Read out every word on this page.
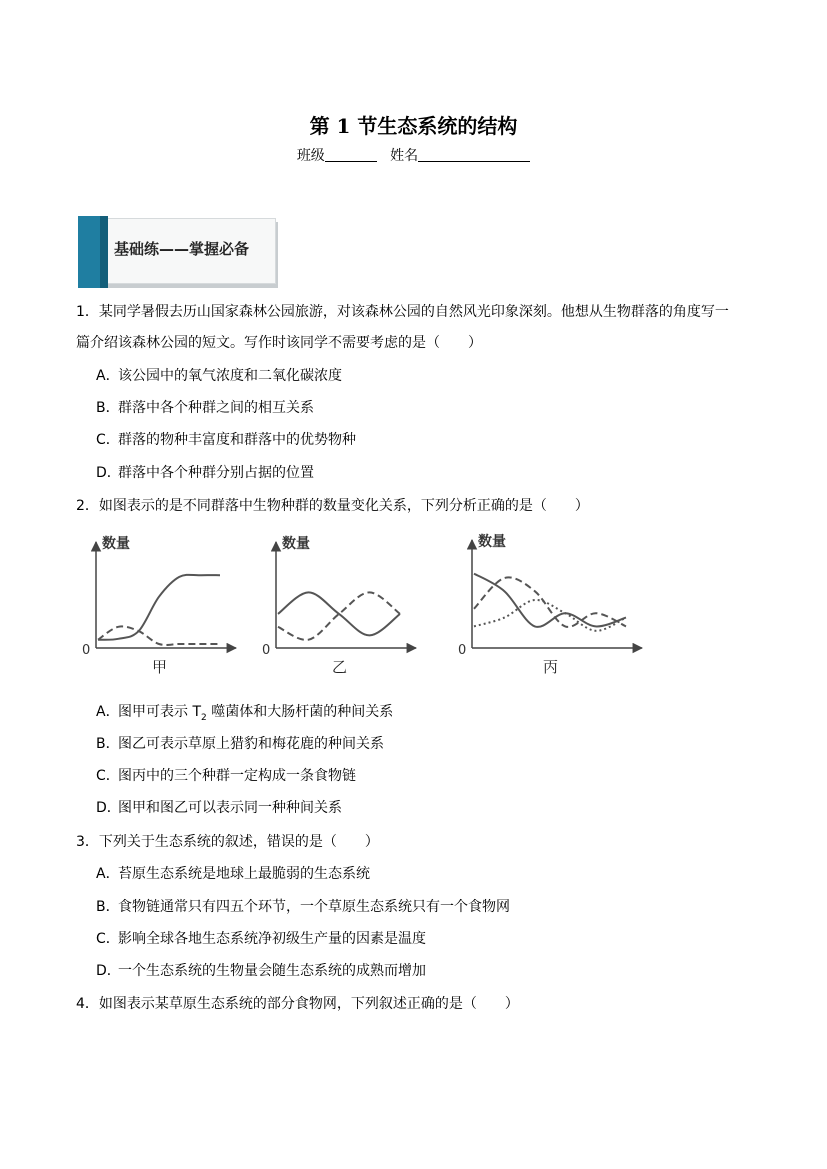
第 1 节生态系统的结构
班级	姓名
基础练——掌握必备
1．某同学暑假去历山国家森林公园旅游，对该森林公园的自然风光印象深刻。他想从生物群落的角度写一
篇介绍该森林公园的短文。写作时该同学不需要考虑的是（　　）
A．该公园中的氧气浓度和二氧化碳浓度
B．群落中各个种群之间的相互关系
C．群落的物种丰富度和群落中的优势物种
D．群落中各个种群分别占据的位置
2．如图表示的是不同群落中生物种群的数量变化关系，下列分析正确的是（　　）
数量
0
甲
数量
0
乙
数量
0
丙
A．图甲可表示 $T_2$ 噬菌体和大肠杆菌的种间关系
B．图乙可表示草原上猎豹和梅花鹿的种间关系
C．图丙中的三个种群一定构成一条食物链
D．图甲和图乙可以表示同一种种间关系
3．下列关于生态系统的叙述，错误的是（　　）
A．苔原生态系统是地球上最脆弱的生态系统
B．食物链通常只有四五个环节，一个草原生态系统只有一个食物网
C．影响全球各地生态系统净初级生产量的因素是温度
D．一个生态系统的生物量会随生态系统的成熟而增加
4．如图表示某草原生态系统的部分食物网，下列叙述正确的是（　　）
